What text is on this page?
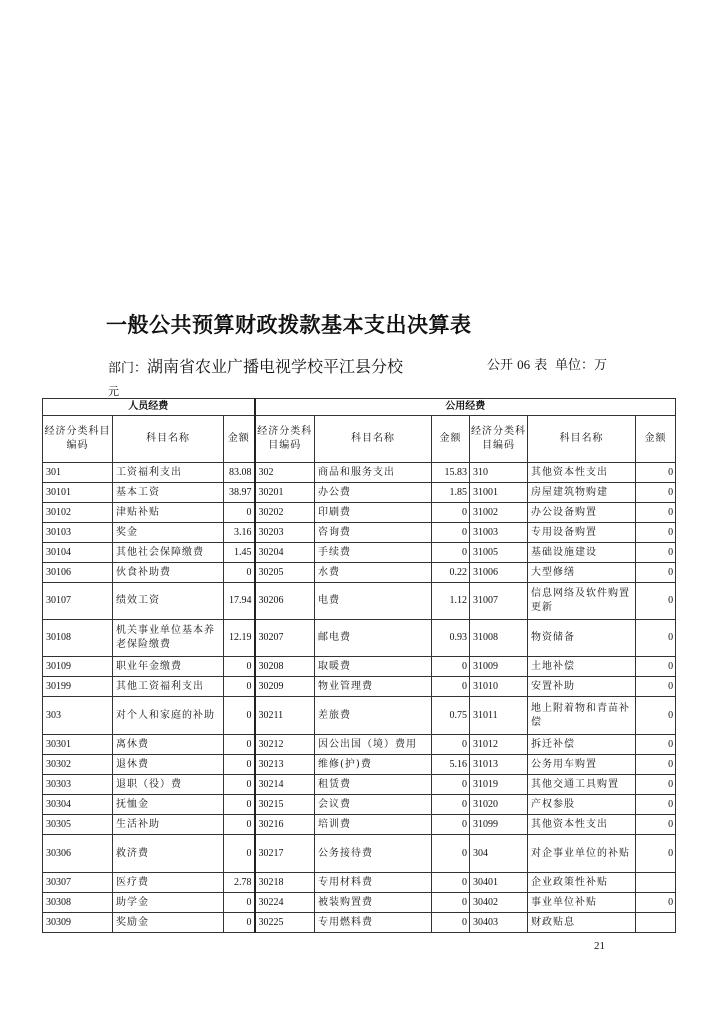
一般公共预算财政拨款基本支出决算表
部门：湖南省农业广播电视学校平江县分校	公开 06 表 单位：万
元
人员经费			公用经费					
经济分类科目编码	科目名称	金额	经济分类科目编码	科目名称	金额	经济分类科目编码	科目名称	金额
301	工资福利支出	83.08	302	商品和服务支出	15.83	310	其他资本性支出	0
30101	基本工资	38.97	30201	办公费	1.85	31001	房屋建筑物购建	0
30102	津贴补贴	0	30202	印刷费	0	31002	办公设备购置	0
30103	奖金	3.16	30203	咨询费	0	31003	专用设备购置	0
30104	其他社会保障缴费	1.45	30204	手续费	0	31005	基础设施建设	0
30106	伙食补助费	0	30205	水费	0.22	31006	大型修缮	0
30107	绩效工资	17.94	30206	电费	1.12	31007	信息网络及软件购置更新	0
30108	机关事业单位基本养老保险缴费	12.19	30207	邮电费	0.93	31008	物资储备	0
30109	职业年金缴费	0	30208	取暖费	0	31009	土地补偿	0
30199	其他工资福利支出	0	30209	物业管理费	0	31010	安置补助	0
303	对个人和家庭的补助	0	30211	差旅费	0.75	31011	地上附着物和青苗补偿	0
30301	离休费	0	30212	因公出国（境）费用	0	31012	拆迁补偿	0
30302	退休费	0	30213	维修(护)费	5.16	31013	公务用车购置	0
30303	退职（役）费	0	30214	租赁费	0	31019	其他交通工具购置	0
30304	抚恤金	0	30215	会议费	0	31020	产权参股	0
30305	生活补助	0	30216	培训费	0	31099	其他资本性支出	0
30306	救济费	0	30217	公务接待费	0	304	对企事业单位的补贴	0
30307	医疗费	2.78	30218	专用材料费	0	30401	企业政策性补贴	
30308	助学金	0	30224	被装购置费	0	30402	事业单位补贴	0
30309	奖励金	0	30225	专用燃料费	0	30403	财政贴息	
21
